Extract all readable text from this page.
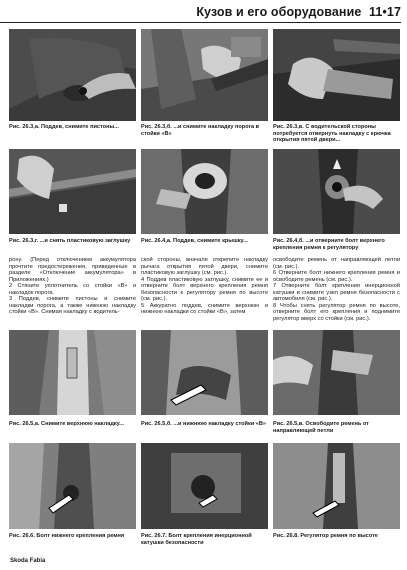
Кузов и его оборудование 11•17
Рис. 26.3,а. Поддев, снимите пистоны...	Рис. 26.3,б. ...и снимите накладку порога в стойки «В»
Рис. 26.3,в. С водительской стороны потребуется отвернуть накладку с крючка открытия пятой двери...
Рис. 26.3,г. ...и снять пластиковую заглушку	Рис. 26.4,а. Поддев, снимите крышку...	Рис. 26.4,б. ...и отверните болт верхнего крепления ремня к регулятору

рону. (Перед отключением аккумулятора прочтите предостережения, приведенные в разделе «Отключение аккумулятора» в Приложениях.)

2 Стяните уплотнитель со стойки «В» и накладок порога.

3 Поддев, снимите пистоны и снимите накладки порога, а также нижнюю накладку стойки «В». Снимая накладку с водитель-

ской стороны, вначале открепите накладку рычага открытия пятой двери, снимите пластиковую заглушку (см. рис.).

4 Поддев пластиковую заглушку, снимите ее и отверните болт верхнего крепления ремня безопасности к регулятору ремня по высоте (см. рис.).

5 Аккуратно поддев, снимите верхнюю и нижнюю накладки со стойки «В», затем

освободите ремень от направляющей петли (см. рис.).

6 Отверните болт нижнего крепления ремня и освободите ремень (см. рис.).

7 Отверните болт крепления инерционной катушки и снимите узел ремня безопасности с автомобиля (см. рис.).

8 Чтобы снять регулятор ремня по высоте, отверните болт его крепления и поднимите регулятор вверх со стойки (см. рис.).

Рис. 26.5,а. Снимите верхнюю накладку...	Рис. 26.5,б. ...и нижнюю накладку стойки «В»	Рис. 26.5,в. Освободите ремень от направляющей петли
Рис. 26.6. Болт нижнего крепления ремня	Рис. 26.7. Болт крепления инерционной катушки безопасности
Рис. 26.8. Регулятор ремня по высоте
Skoda Fabia
